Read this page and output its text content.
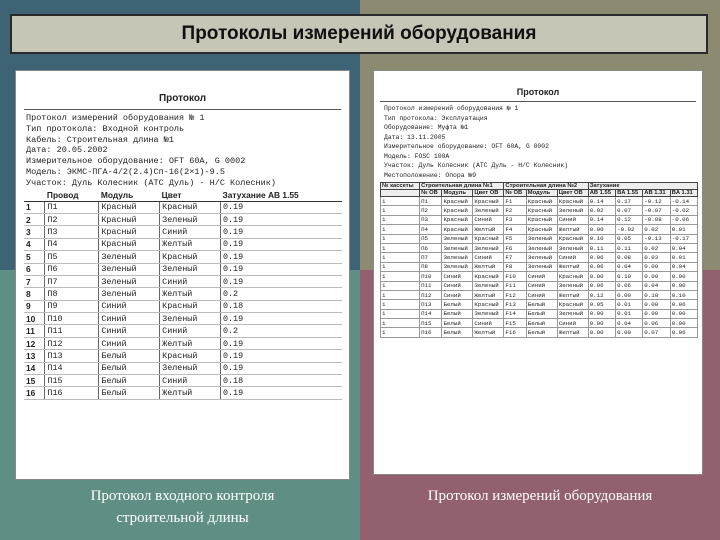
Протоколы измерений оборудования
Протокол
Протокол измерений оборудования № 1
Тип протокола: Входной контроль
Кабель: Строительная длина №1
Дата: 20.05.2002
Измерительное оборудование: OFT 60A, G 0002
Модель: ЭКМС-ПГА-4/2(2.4)Сп-16(2×1)-9.5
Участок: Дуль Колесник (АТС Дуль) - Н/С Колесник)
	Провод	Модуль	Цвет	Затухание АВ 1.55
1	П1	Красный	Красный	0.19
2	П2	Красный	Зеленый	0.19
3	П3	Красный	Синий	0.19
4	П4	Красный	Желтый	0.19
5	П5	Зеленый	Красный	0.19
6	П6	Зеленый	Зеленый	0.19
7	П7	Зеленый	Синий	0.19
8	П8	Зеленый	Желтый	0.2
9	П9	Синий	Красный	0.18
10	П10	Синий	Зеленый	0.19
11	П11	Синий	Синий	0.2
12	П12	Синий	Желтый	0.19
13	П13	Белый	Красный	0.19
14	П14	Белый	Зеленый	0.19
15	П15	Белый	Синий	0.18
16	П16	Белый	Желтый	0.19
Протокол
Протокол измерений оборудования № 1
Тип протокола: Эксплуатация
Оборудование: Муфта №1
Дата: 13.11.2005
Измерительное оборудование: OFT 60A, G 0002
Модель: FOSC 100A
Участок: Дуль Колесник (АТС Дуль - Н/С Колесник)
Местоположение: Опора №9
№ кассеты	Строительная длина №1			Строительная длина №2			Затухание			
	№ ОВ	Модуль	Цвет ОВ	№ ОВ	Модуль	Цвет ОВ	AB 1.55	BA 1.55	AB 1.31	BA 1.31
1	П1	Красный	Красный	F1	Красный	Красный	0.14	0.17	-0.12	-0.14
1	П2	Красный	Зеленый	F2	Красный	Зеленый	0.02	0.07	-0.07	-0.02
1	П3	Красный	Синий	F3	Красный	Синий	0.14	0.12	-0.08	-0.06
1	П4	Красный	Желтый	F4	Красный	Желтый	0.00	-0.02	0.02	0.01
1	П5	Зеленый	Красный	F5	Зеленый	Красный	0.10	0.05	-0.13	-0.17
1	П6	Зеленый	Зеленый	F6	Зеленый	Зеленый	0.11	0.11	0.02	0.04
1	П7	Зеленый	Синий	F7	Зеленый	Синий	0.06	0.08	0.03	0.01
1	П8	Зеленый	Желтый	F8	Зеленый	Желтый	0.06	0.04	0.00	0.04
1	П10	Синий	Красный	F10	Синий	Красный	0.00	0.10	0.00	0.00
1	П11	Синий	Зеленый	F11	Синий	Зеленый	0.06	0.06	0.04	0.00
1	П12	Синий	Желтый	F12	Синий	Желтый	0.12	0.00	0.10	0.10
1	П13	Белый	Красный	F13	Белый	Красный	0.05	0.01	0.00	0.06
1	П14	Белый	Зеленый	F14	Белый	Зеленый	0.00	0.01	0.00	0.00
1	П15	Белый	Синий	F15	Белый	Синий	0.00	0.04	0.06	0.00
1	П16	Белый	Желтый	F16	Белый	Желтый	0.00	0.00	0.07	0.06
Протокол входного контроля
строительной длины
Протокол измерений оборудования
